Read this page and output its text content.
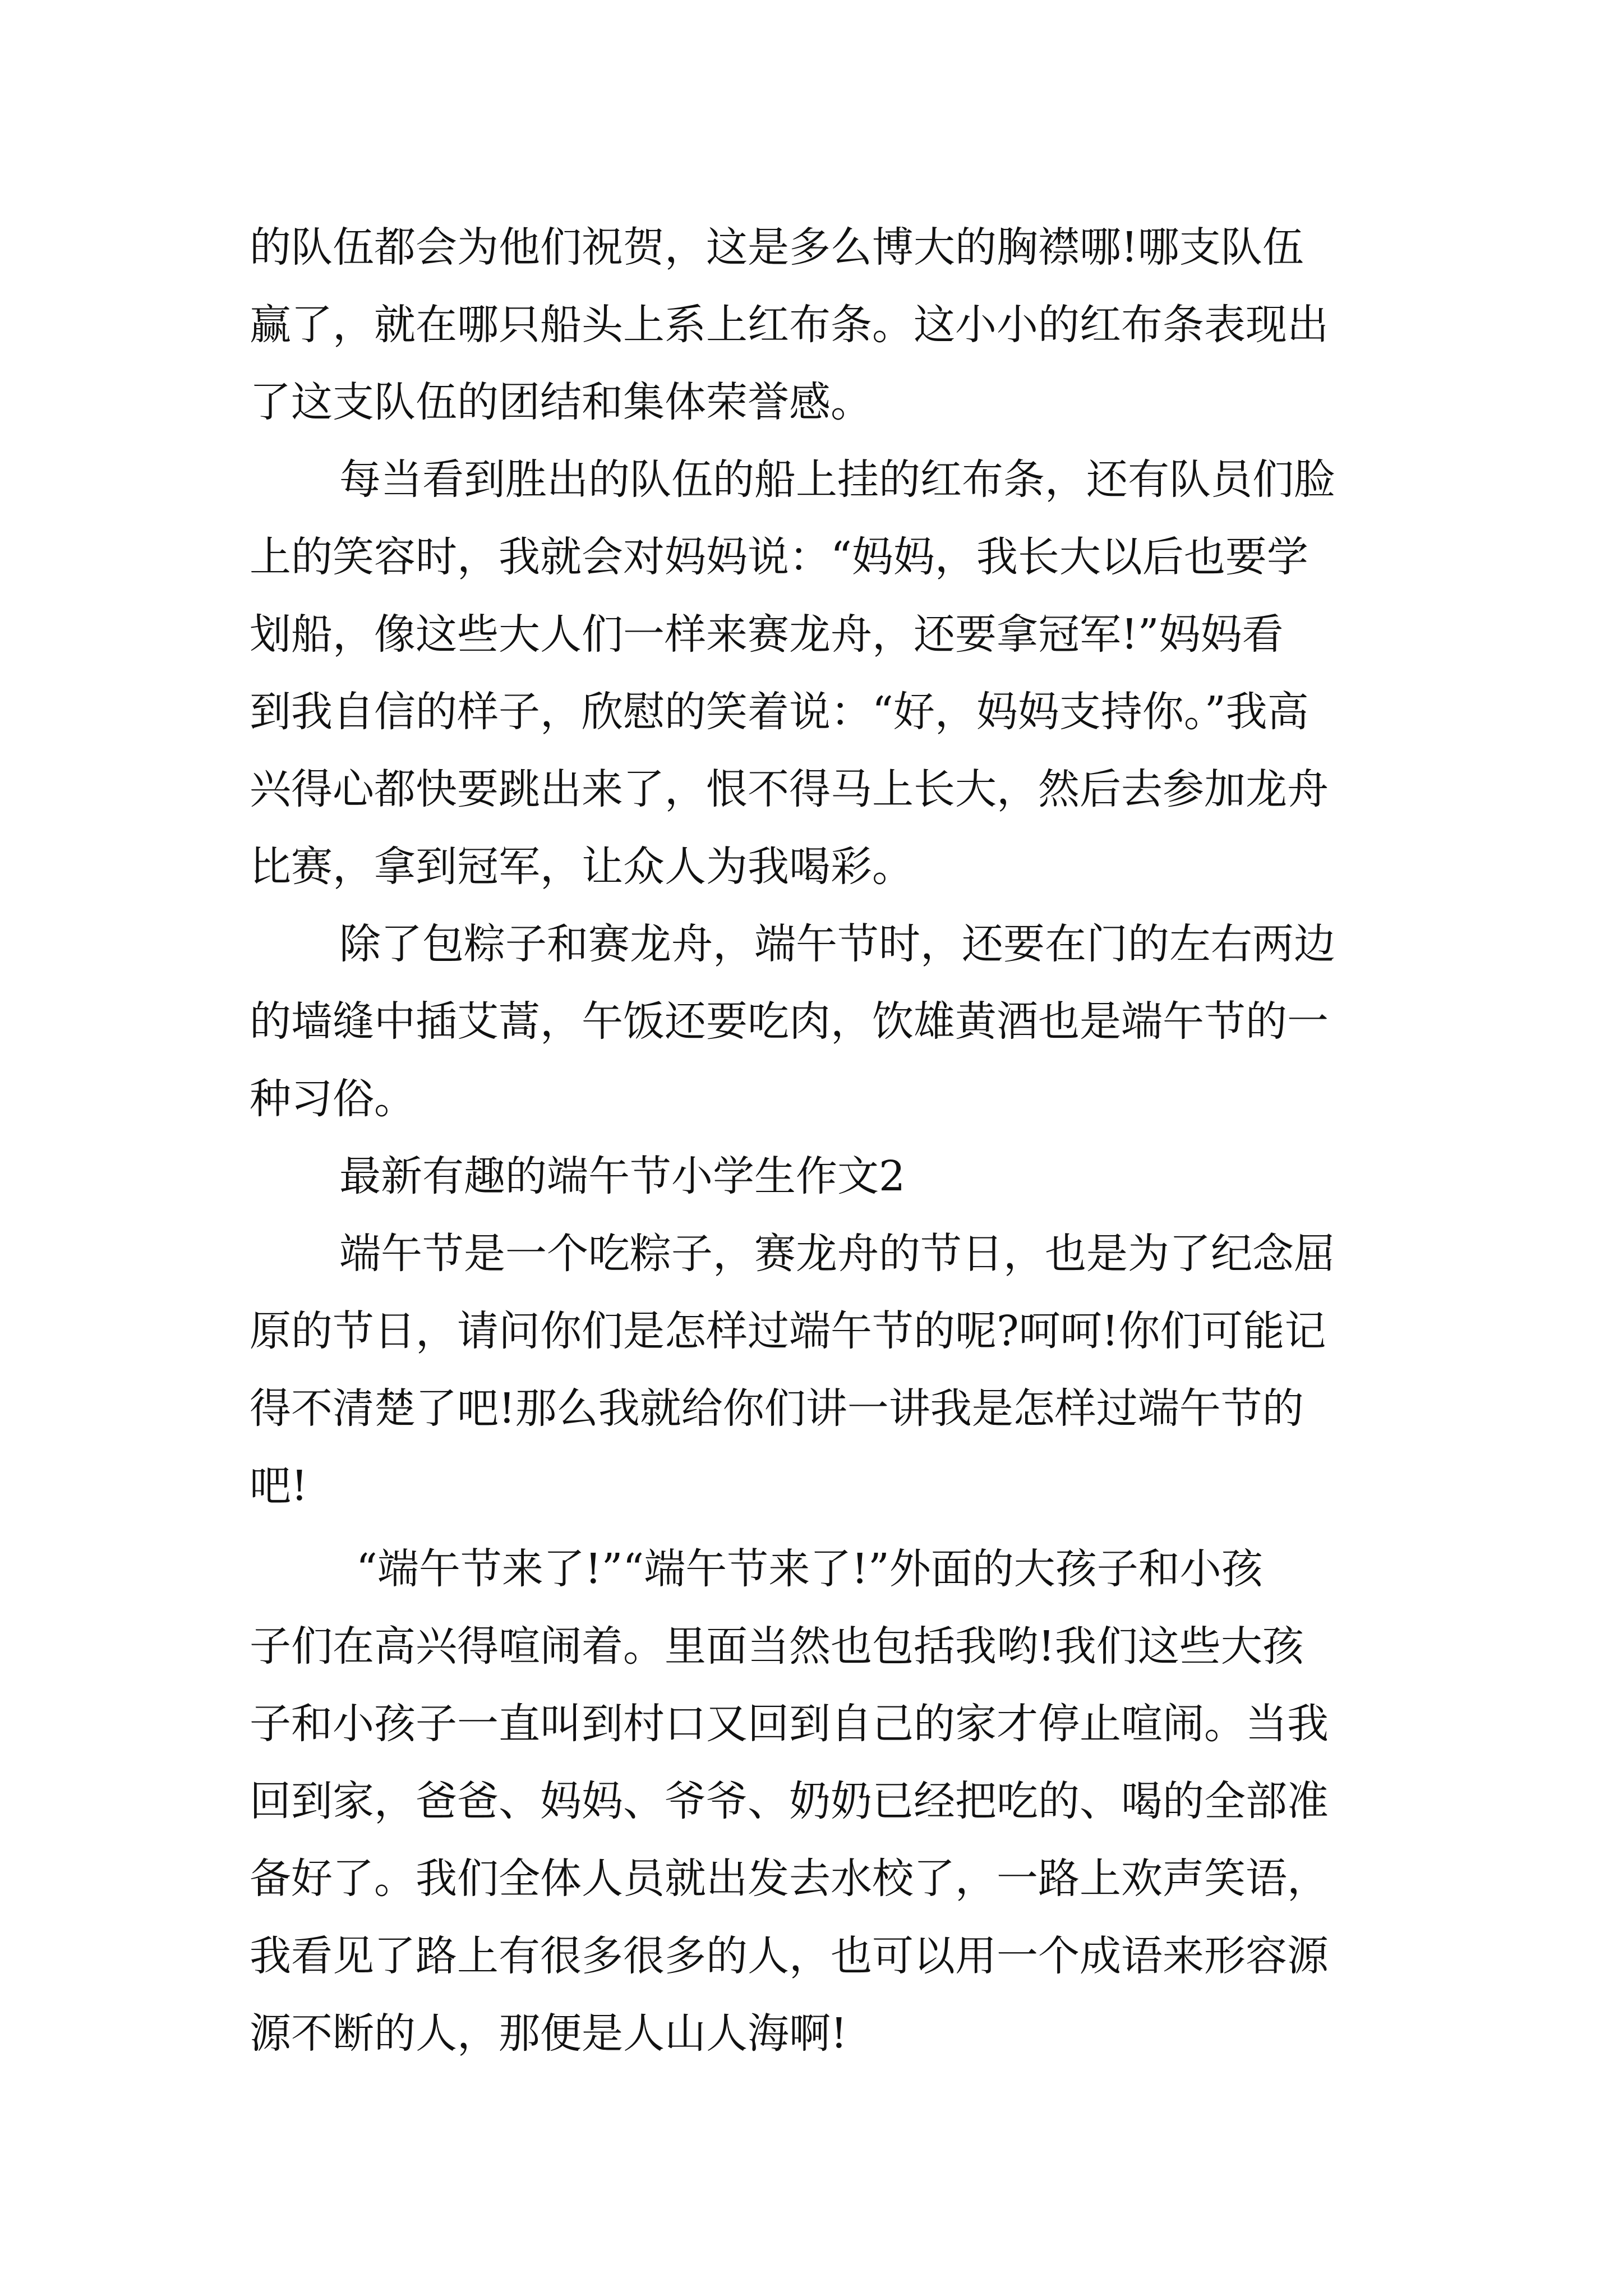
的队伍都会为他们祝贺，这是多么博大的胸襟哪!哪支队伍
赢了，就在哪只船头上系上红布条。这小小的红布条表现出
了这支队伍的团结和集体荣誉感。
每当看到胜出的队伍的船上挂的红布条，还有队员们脸
上的笑容时，我就会对妈妈说：“妈妈，我长大以后也要学
划船，像这些大人们一样来赛龙舟，还要拿冠军!”妈妈看
到我自信的样子，欣慰的笑着说：“好，妈妈支持你。”我高
兴得心都快要跳出来了，恨不得马上长大，然后去参加龙舟
比赛，拿到冠军，让众人为我喝彩。
除了包粽子和赛龙舟，端午节时，还要在门的左右两边
的墙缝中插艾蒿，午饭还要吃肉，饮雄黄酒也是端午节的一
种习俗。
最新有趣的端午节小学生作文2
端午节是一个吃粽子，赛龙舟的节日，也是为了纪念屈
原的节日，请问你们是怎样过端午节的呢?呵呵!你们可能记
得不清楚了吧!那么我就给你们讲一讲我是怎样过端午节的
吧!
“端午节来了!”“端午节来了!”外面的大孩子和小孩
子们在高兴得喧闹着。里面当然也包括我哟!我们这些大孩
子和小孩子一直叫到村口又回到自己的家才停止喧闹。当我
回到家，爸爸、妈妈、爷爷、奶奶已经把吃的、喝的全部准
备好了。我们全体人员就出发去水校了，一路上欢声笑语，
我看见了路上有很多很多的人，也可以用一个成语来形容源
源不断的人，那便是人山人海啊!
